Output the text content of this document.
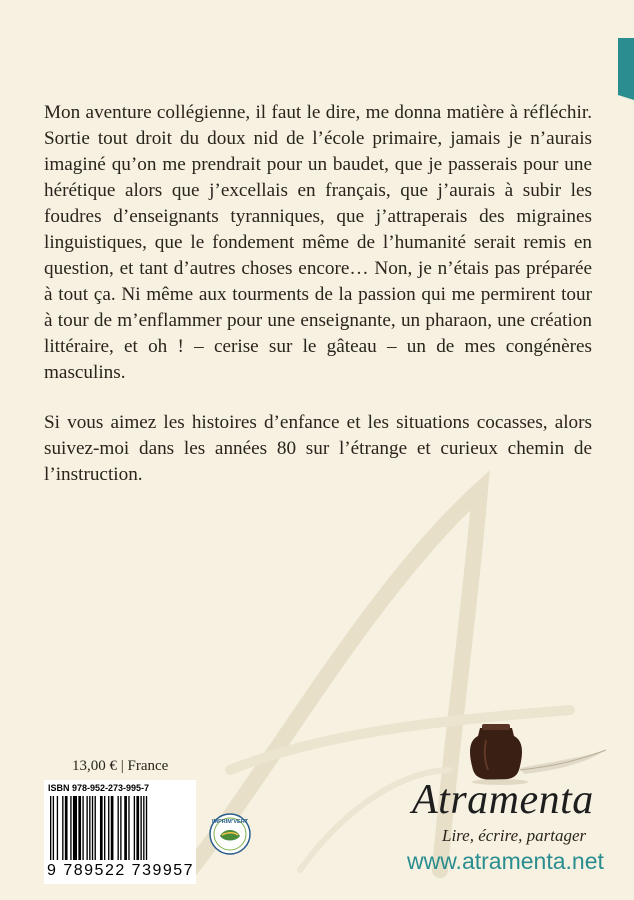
Mon aventure collégienne, il faut le dire, me donna matière à réfléchir. Sortie tout droit du doux nid de l’école primaire, jamais je n’aurais imaginé qu’on me prendrait pour un baudet, que je passerais pour une hérétique alors que j’excellais en français, que j’aurais à subir les foudres d’enseignants tyranniques, que j’attraperais des migraines linguistiques, que le fondement même de l’humanité serait remis en question, et tant d’autres choses encore… Non, je n’étais pas préparée à tout ça. Ni même aux tourments de la passion qui me permirent tour à tour de m’enflammer pour une enseignante, un pharaon, une création littéraire, et oh ! – cerise sur le gâteau – un de mes congénères masculins.

Si vous aimez les histoires d’enfance et les situations cocasses, alors suivez-moi dans les années 80 sur l’étrange et curieux chemin de l’instruction.

13,00 € | France
ISBN 978-952-273-995-7
9 789522 739957
IMPRIM’VERT	Atramenta
Lire, écrire, partager
www.atramenta.net
